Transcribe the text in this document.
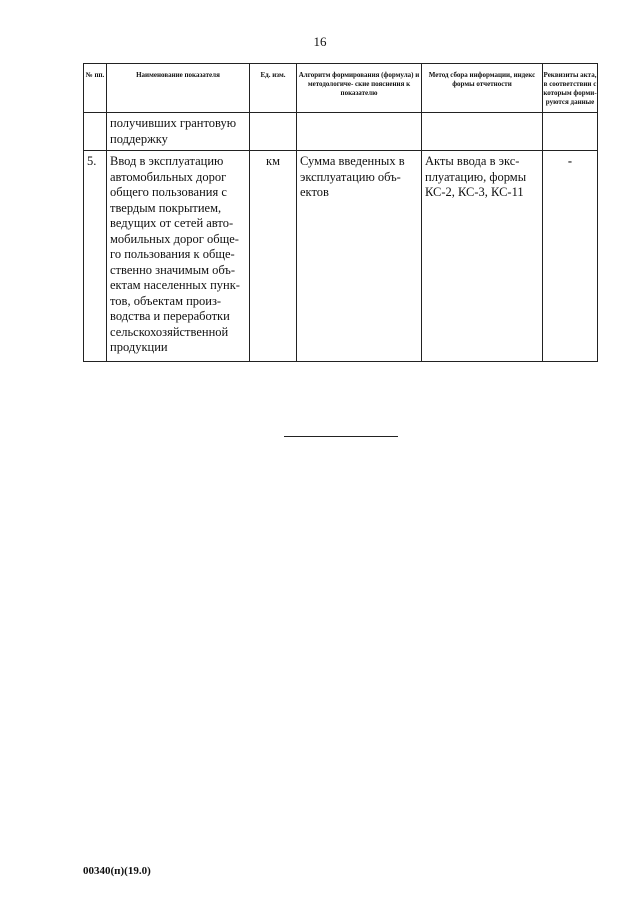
16
№ пп.	Наименование показателя	Ед. изм.	Алгоритм формирования (формула) и методологиче- ские пояснения к показателю	Метод сбора информации, индекс формы отчетности	Реквизиты акта, в соответствии с которым форми- руются данные
	получивших грантовую поддержку				
5.	Ввод в эксплуатацию автомобильных дорог общего пользования с твердым покрытием, ведущих от сетей авто- мобильных дорог обще- го пользования к обще- ственно значимым объ- ектам населенных пунк- тов, объектам произ- водства и переработки сельскохозяйственной продукции	км	Сумма введенных в эксплуатацию объ- ектов	Акты ввода в экс- плуатацию, формы КС-2, КС-3, КС-11	-
00340(п)(19.0)
